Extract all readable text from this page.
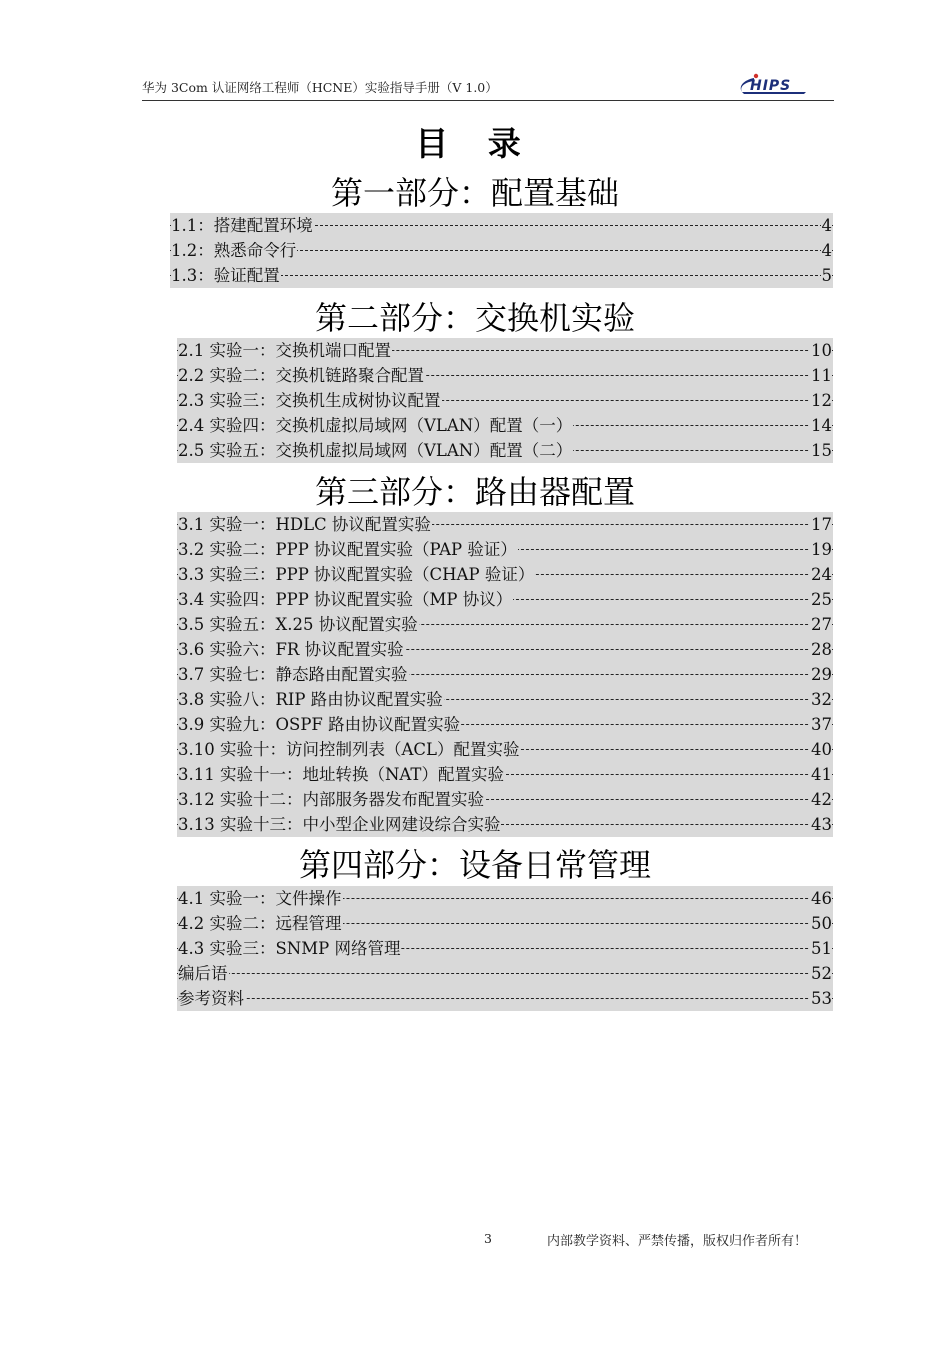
华为 3Com 认证网络工程师（HCNE）实验指导手册（V 1.0）	HIPS
目 录
第一部分：配置基础
1.1：搭建配置环境	4
1.2：熟悉命令行	4
1.3：验证配置	5
第二部分：交换机实验
2.1 实验一：交换机端口配置	10
2.2 实验二：交换机链路聚合配置	11
2.3 实验三：交换机生成树协议配置	12
2.4 实验四：交换机虚拟局域网（VLAN）配置（一）	14
2.5 实验五：交换机虚拟局域网（VLAN）配置（二）	15
第三部分：路由器配置
3.1 实验一：HDLC 协议配置实验	17
3.2 实验二：PPP 协议配置实验（PAP 验证）	19
3.3 实验三：PPP 协议配置实验（CHAP 验证）	24
3.4 实验四：PPP 协议配置实验（MP 协议）	25
3.5 实验五：X.25 协议配置实验	27
3.6 实验六：FR 协议配置实验	28
3.7 实验七：静态路由配置实验	29
3.8 实验八：RIP 路由协议配置实验	32
3.9 实验九：OSPF 路由协议配置实验	37
3.10 实验十：访问控制列表（ACL）配置实验	40
3.11 实验十一：地址转换（NAT）配置实验	41
3.12 实验十二：内部服务器发布配置实验	42
3.13 实验十三：中小型企业网建设综合实验	43
第四部分：设备日常管理
4.1 实验一：文件操作	46
4.2 实验二：远程管理	50
4.3 实验三：SNMP 网络管理	51
编后语	52
参考资料	53
3	内部教学资料、严禁传播，版权归作者所有！
